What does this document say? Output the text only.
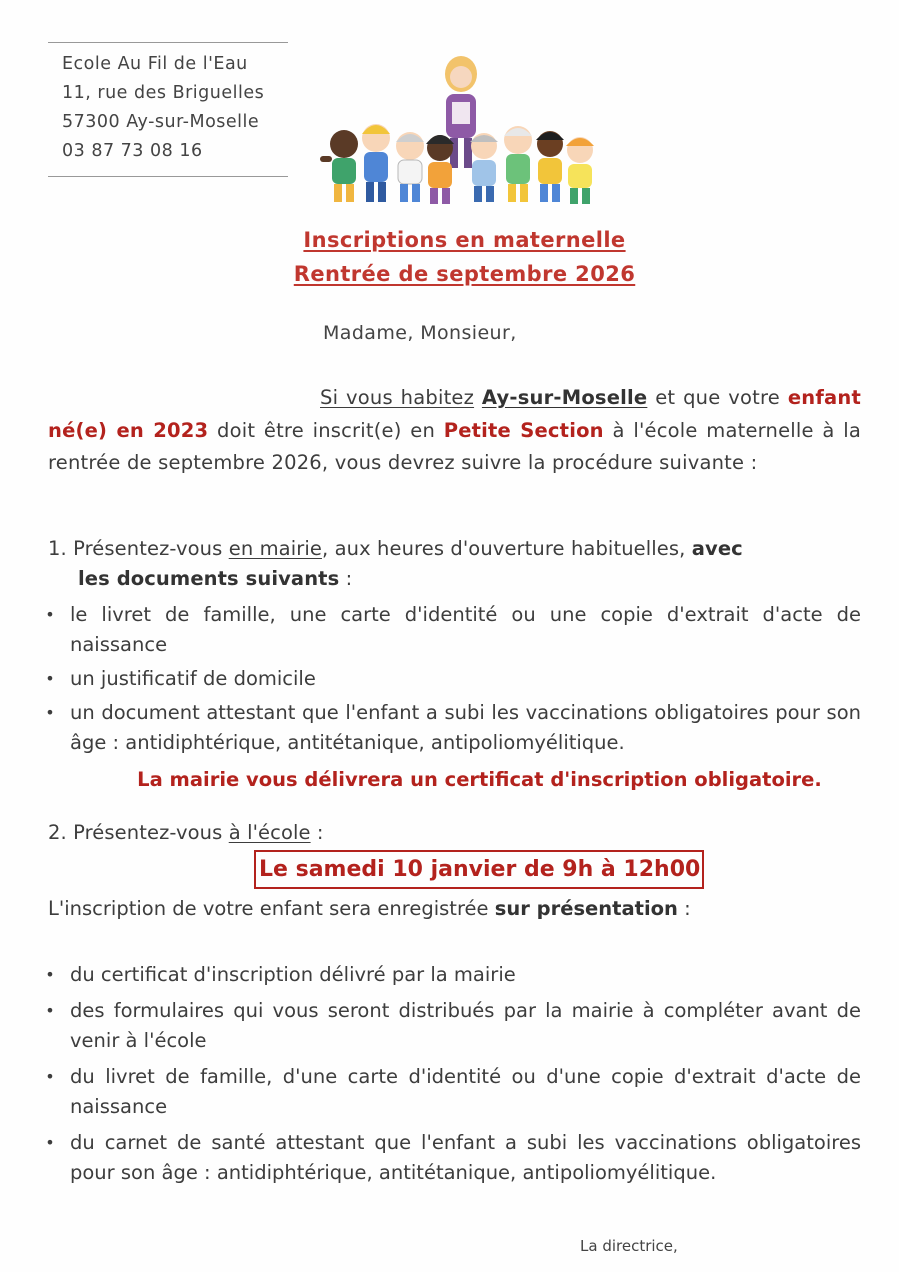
Ecole Au Fil de l'Eau
11, rue des Briguelles
57300 Ay-sur-Moselle
03 87 73 08 16
Inscriptions en maternelle
Rentrée de septembre 2026
Madame, Monsieur,
Si vous habitez Ay-sur-Moselle et que votre enfant né(e) en 2023 doit être inscrit(e) en Petite Section à l'école maternelle à la rentrée de septembre 2026, vous devrez suivre la procédure suivante :
1. Présentez-vous en mairie, aux heures d'ouverture habituelles, avec
les documents suivants :
• le livret de famille, une carte d'identité ou une copie d'extrait d'acte de naissance
• un justificatif de domicile
• un document attestant que l'enfant a subi les vaccinations obligatoires pour son âge : antidiphtérique, antitétanique, antipoliomyélitique.
La mairie vous délivrera un certificat d'inscription obligatoire.
2. Présentez-vous à l'école :
Le samedi 10 janvier de 9h à 12h00
L'inscription de votre enfant sera enregistrée sur présentation :
• du certificat d'inscription délivré par la mairie
• des formulaires qui vous seront distribués par la mairie à compléter avant de venir à l'école
• du livret de famille, d'une carte d'identité ou d'une copie d'extrait d'acte de naissance
• du carnet de santé attestant que l'enfant a subi les vaccinations obligatoires pour son âge : antidiphtérique, antitétanique, antipoliomyélitique.
La directrice,
